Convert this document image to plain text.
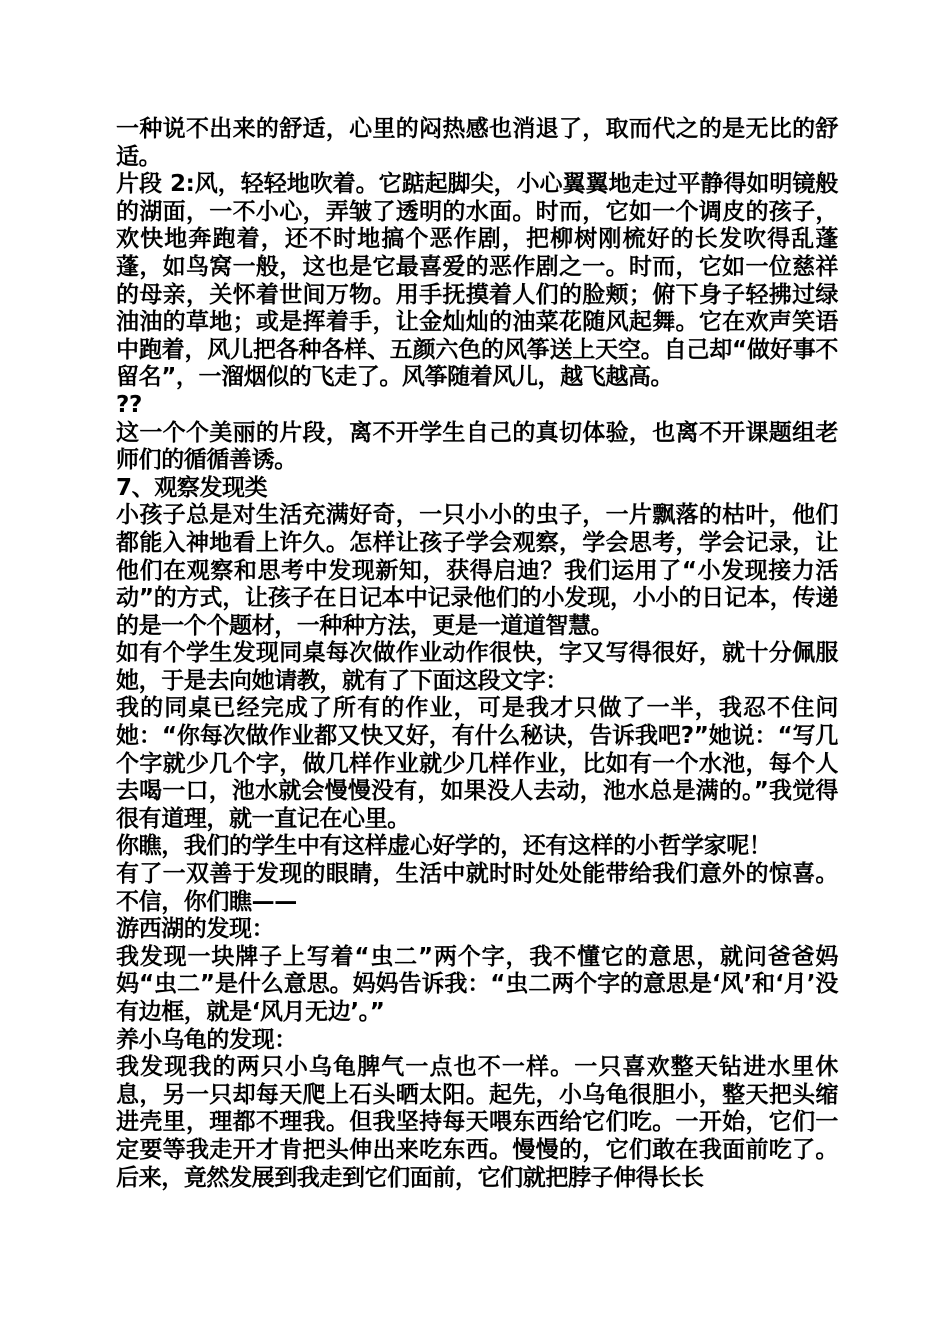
一种说不出来的舒适，心里的闷热感也消退了，取而代之的是无比的舒适。

片段 2:风，轻轻地吹着。它踮起脚尖，小心翼翼地走过平静得如明镜般的湖面，一不小心，弄皱了透明的水面。时而，它如一个调皮的孩子，欢快地奔跑着，还不时地搞个恶作剧，把柳树刚梳好的长发吹得乱蓬蓬，如鸟窝一般，这也是它最喜爱的恶作剧之一。时而，它如一位慈祥的母亲，关怀着世间万物。用手抚摸着人们的脸颊；俯下身子轻拂过绿油油的草地；或是挥着手，让金灿灿的油菜花随风起舞。它在欢声笑语中跑着，风儿把各种各样、五颜六色的风筝送上天空。自己却“做好事不留名”，一溜烟似的飞走了。风筝随着风儿，越飞越高。

??

这一个个美丽的片段，离不开学生自己的真切体验，也离不开课题组老师们的循循善诱。

7、观察发现类

小孩子总是对生活充满好奇，一只小小的虫子，一片飘落的枯叶，他们都能入神地看上许久。怎样让孩子学会观察，学会思考，学会记录，让他们在观察和思考中发现新知，获得启迪？我们运用了“小发现接力活动”的方式，让孩子在日记本中记录他们的小发现，小小的日记本，传递的是一个个题材，一种种方法，更是一道道智慧。

如有个学生发现同桌每次做作业动作很快，字又写得很好，就十分佩服她，于是去向她请教，就有了下面这段文字：

我的同桌已经完成了所有的作业，可是我才只做了一半，我忍不住问她：“你每次做作业都又快又好，有什么秘诀，告诉我吧?”她说：“写几个字就少几个字，做几样作业就少几样作业，比如有一个水池，每个人去喝一口，池水就会慢慢没有，如果没人去动，池水总是满的。”我觉得很有道理，就一直记在心里。

你瞧，我们的学生中有这样虚心好学的，还有这样的小哲学家呢！

有了一双善于发现的眼睛，生活中就时时处处能带给我们意外的惊喜。不信，你们瞧——

游西湖的发现：

我发现一块牌子上写着“虫二”两个字，我不懂它的意思，就问爸爸妈妈“虫二”是什么意思。妈妈告诉我：“虫二两个字的意思是‘风’和‘月’没有边框，就是‘风月无边’。”

养小乌龟的发现：

我发现我的两只小乌龟脾气一点也不一样。一只喜欢整天钻进水里休息，另一只却每天爬上石头晒太阳。起先，小乌龟很胆小，整天把头缩进壳里，理都不理我。但我坚持每天喂东西给它们吃。一开始，它们一定要等我走开才肯把头伸出来吃东西。慢慢的，它们敢在我面前吃了。后来，竟然发展到我走到它们面前，它们就把脖子伸得长长
